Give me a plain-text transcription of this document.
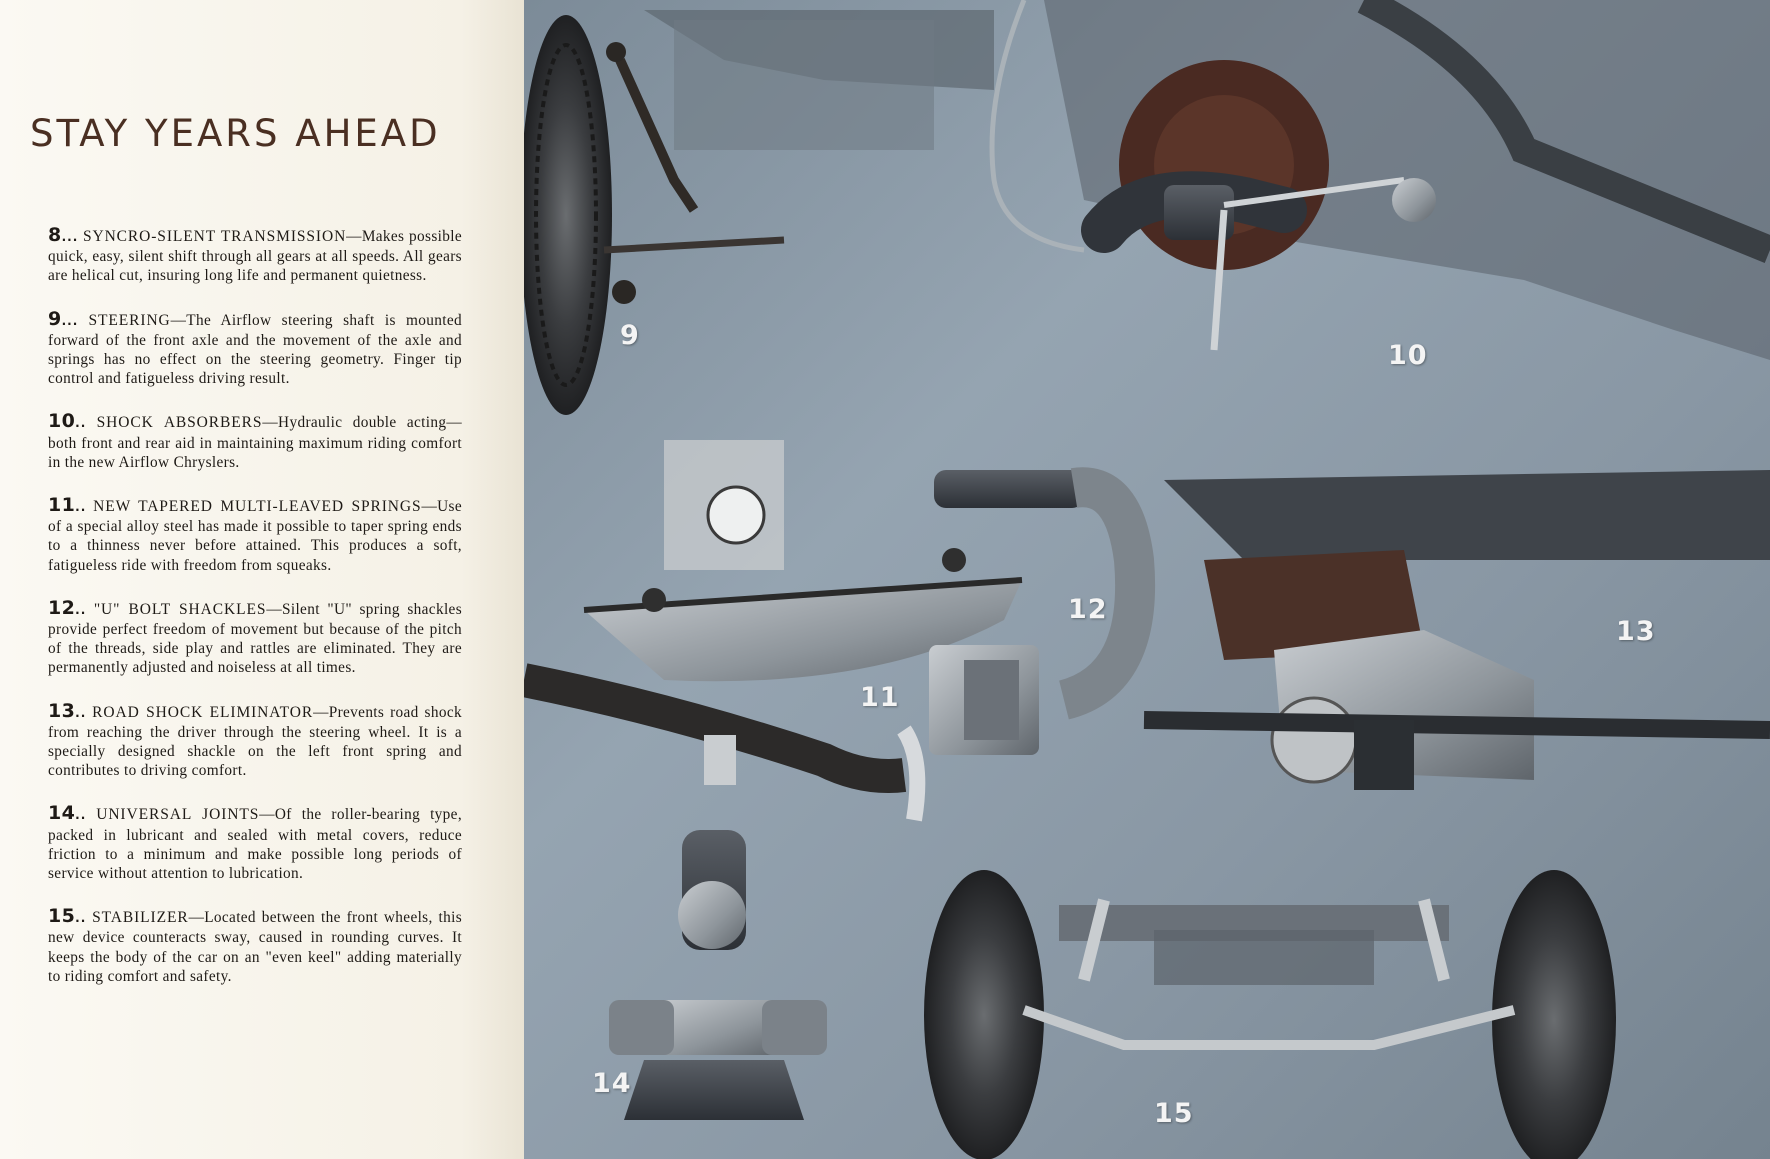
STAY YEARS AHEAD

8... SYNCRO-SILENT TRANSMISSION—Makes possible quick, easy, silent shift through all gears at all speeds. All gears are helical cut, insuring long life and permanent quietness.

9... STEERING—The Airflow steering shaft is mounted forward of the front axle and the movement of the axle and springs has no effect on the steering geometry. Finger tip control and fatigueless driving result.

10.. SHOCK ABSORBERS—Hydraulic double acting—both front and rear aid in maintaining maximum riding comfort in the new Airflow Chryslers.

11.. NEW TAPERED MULTI-LEAVED SPRINGS—Use of a special alloy steel has made it possible to taper spring ends to a thinness never before attained. This produces a soft, fatigueless ride with freedom from squeaks.

12.. "U" BOLT SHACKLES—Silent "U" spring shackles provide perfect freedom of movement but because of the pitch of the threads, side play and rattles are eliminated. They are permanently adjusted and noiseless at all times.

13.. ROAD SHOCK ELIMINATOR—Prevents road shock from reaching the driver through the steering wheel. It is a specially designed shackle on the left front spring and contributes to driving comfort.

14.. UNIVERSAL JOINTS—Of the roller-bearing type, packed in lubricant and sealed with metal covers, reduce friction to a minimum and make possible long periods of service without attention to lubrication.

15.. STABILIZER—Located between the front wheels, this new device counteracts sway, caused in rounding curves. It keeps the body of the car on an "even keel" adding materially to riding comfort and safety.

9
10
11
12
13
14
15
